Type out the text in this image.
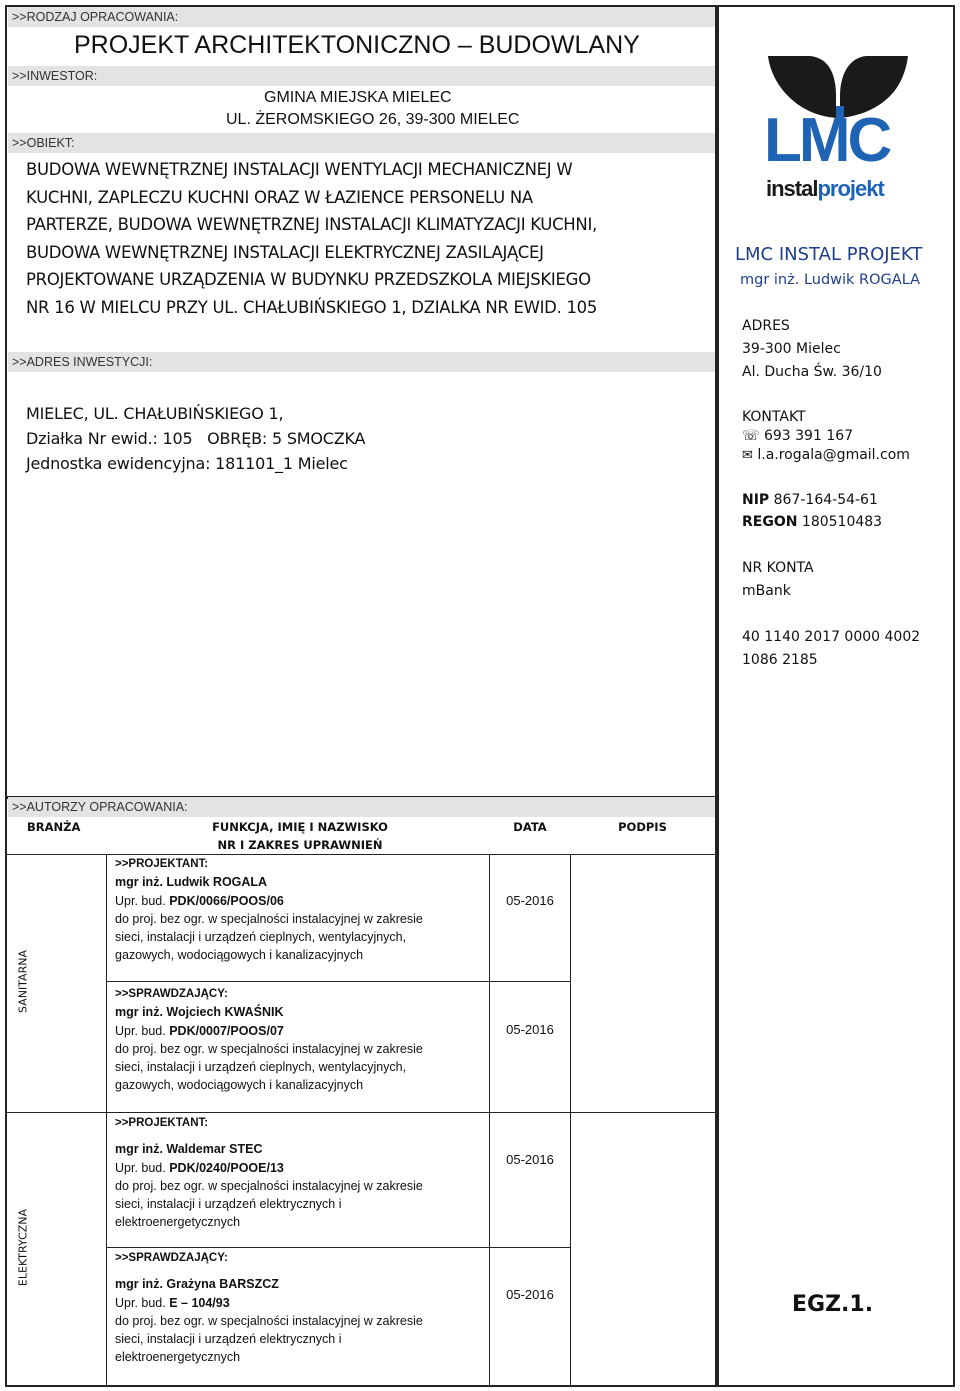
>>RODZAJ OPRACOWANIA:
PROJEKT ARCHITEKTONICZNO – BUDOWLANY
>>INWESTOR:
GMINA MIEJSKA MIELEC
UL. ŻEROMSKIEGO 26, 39-300 MIELEC
>>OBIEKT:
BUDOWA WEWNĘTRZNEJ INSTALACJI WENTYLACJI MECHANICZNEJ W
KUCHNI, ZAPLECZU KUCHNI ORAZ W ŁAZIENCE PERSONELU NA
PARTERZE, BUDOWA WEWNĘTRZNEJ INSTALACJI KLIMATYZACJI KUCHNI,
BUDOWA WEWNĘTRZNEJ INSTALACJI ELEKTRYCZNEJ ZASILAJĄCEJ
PROJEKTOWANE URZĄDZENIA W BUDYNKU PRZEDSZKOLA MIEJSKIEGO
NR 16 W MIELCU PRZY UL. CHAŁUBIŃSKIEGO 1, DZIALKA NR EWID. 105
>>ADRES INWESTYCJI:
MIELEC, UL. CHAŁUBIŃSKIEGO 1,
Działka Nr ewid.: 105   OBRĘB: 5 SMOCZKA
Jednostka ewidencyjna: 181101_1 Mielec
LMC
instalprojekt
LMC INSTAL PROJEKT
mgr inż. Ludwik ROGALA
ADRES
39-300 Mielec
Al. Ducha Św. 36/10
KONTAKT
☏ 693 391 167
✉ l.a.rogala@gmail.com
NIP 867-164-54-61
REGON 180510483
NR KONTA
mBank
40 1140 2017 0000 4002
1086 2185
EGZ.1.
>>AUTORZY OPRACOWANIA:
BRANŻA	FUNKCJA, IMIĘ I NAZWISKO
NR I ZAKRES UPRAWNIEŃ
DATA	PODPIS
SANITARNA
ELEKTRYCZNA
>>PROJEKTANT:
mgr inż. Ludwik ROGALA
Upr. bud. PDK/0066/POOS/06
do proj. bez ogr. w specjalności instalacyjnej w zakresie
sieci, instalacji i urządzeń cieplnych, wentylacyjnych,
gazowych, wodociągowych i kanalizacyjnych
05-2016
>>SPRAWDZAJĄCY:
mgr inż. Wojciech KWAŚNIK
Upr. bud. PDK/0007/POOS/07
do proj. bez ogr. w specjalności instalacyjnej w zakresie
sieci, instalacji i urządzeń cieplnych, wentylacyjnych,
gazowych, wodociągowych i kanalizacyjnych
05-2016
>>PROJEKTANT:
mgr inż. Waldemar STEC
Upr. bud. PDK/0240/POOE/13
do proj. bez ogr. w specjalności instalacyjnej w zakresie
sieci, instalacji i urządzeń elektrycznych i
elektroenergetycznych
05-2016
>>SPRAWDZAJĄCY:
mgr inż. Grażyna BARSZCZ
Upr. bud. E – 104/93
do proj. bez ogr. w specjalności instalacyjnej w zakresie
sieci, instalacji i urządzeń elektrycznych i
elektroenergetycznych
05-2016
